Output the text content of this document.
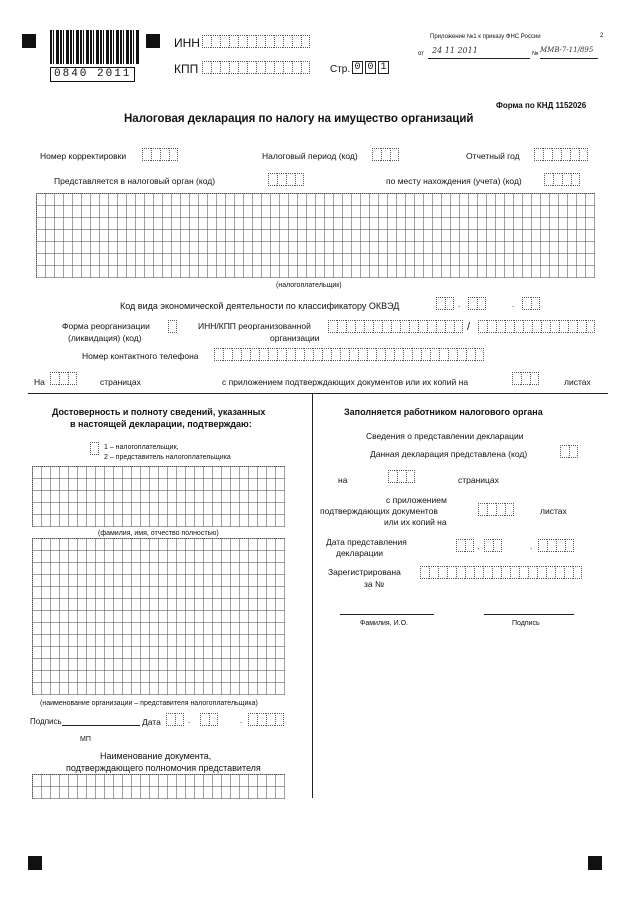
0840 2011
ИНН
КПП	Стр. 0 0 1
Приложение №1 к приказу ФНС России	2
от 24 11 2011	№ ММВ-7-11/895
Форма по КНД 1152026
Налоговая декларация по налогу на имущество организаций
Номер корректировки	Налоговый период (код)	Отчетный год
Представляется в налоговый орган (код)	по месту нахождения (учета) (код)
(налогоплательщик)
Код вида экономической деятельности по классификатору ОКВЭД	.	.
Форма реорганизации
(ликвидация) (код)
ИНН/КПП реорганизованной
организации
/
Номер контактного телефона
На	страницах	с приложением подтверждающих документов или их копий на	листах
Достоверность и полноту сведений, указанных
в настоящей декларации, подтверждаю:
1 – налогоплательщик,
2 – представитель налогоплательщика
(фамилия, имя, отчество полностью)
(наименование организации – представителя налогоплательщика)
Подпись	Дата	.	.
МП
Наименование документа,
подтверждающего полномочия представителя
Заполняется работником налогового органа
Сведения о представлении декларации
Данная декларация представлена (код)
на	страницах
с приложением
подтверждающих документов
или их копий на
листах
Дата представления
декларации
.	.
Зарегистрирована
за №
Фамилия, И.О.	Подпись
